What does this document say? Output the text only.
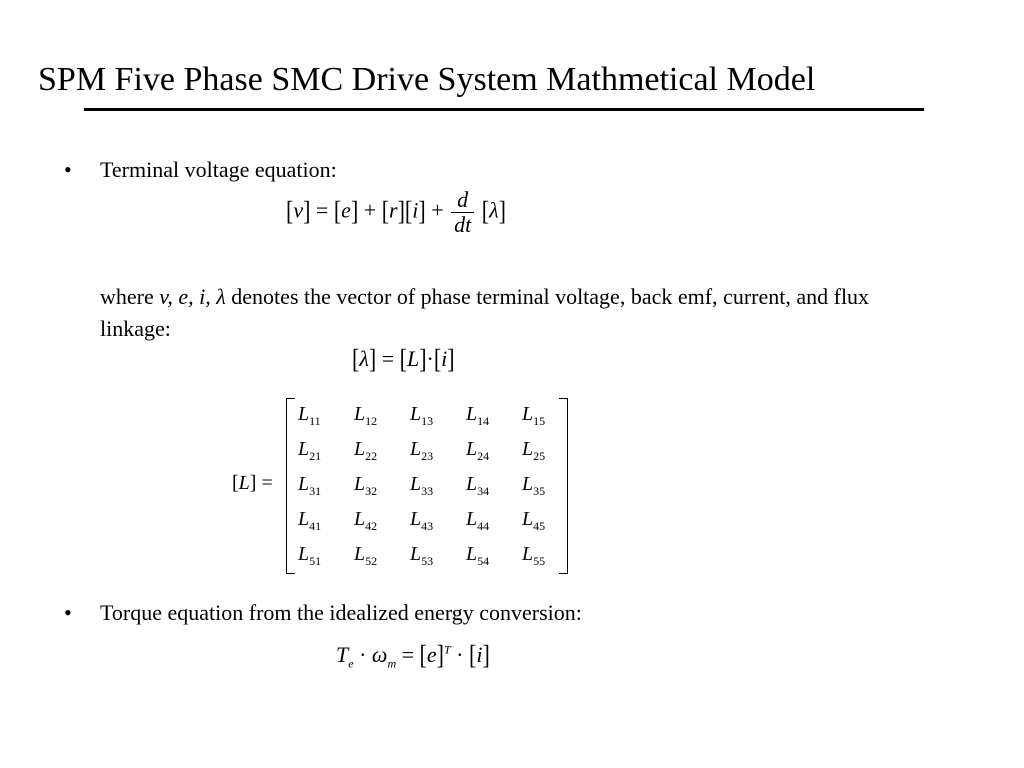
SPM Five Phase SMC Drive System Mathmetical Model
• Terminal voltage equation:
$[v] = [e] + [r][i] + \frac{d}{dt} [\lambda]$
where v, e, i, λ denotes the vector of phase terminal voltage, back emf, current, and flux linkage:
[λ] = [L]·[i]
[L] =
$L_{11}$	$L_{12}$	$L_{13}$	$L_{14}$	$L_{15}$
$L_{21}$	$L_{22}$	$L_{23}$	$L_{24}$	$L_{25}$
$L_{31}$	$L_{32}$	$L_{33}$	$L_{34}$	$L_{35}$
$L_{41}$	$L_{42}$	$L_{43}$	$L_{44}$	$L_{45}$
$L_{51}$	$L_{52}$	$L_{53}$	$L_{54}$	$L_{55}$
• Torque equation from the idealized energy conversion:
$T_e \cdot \omega_m = [e]^T \cdot [i]$
